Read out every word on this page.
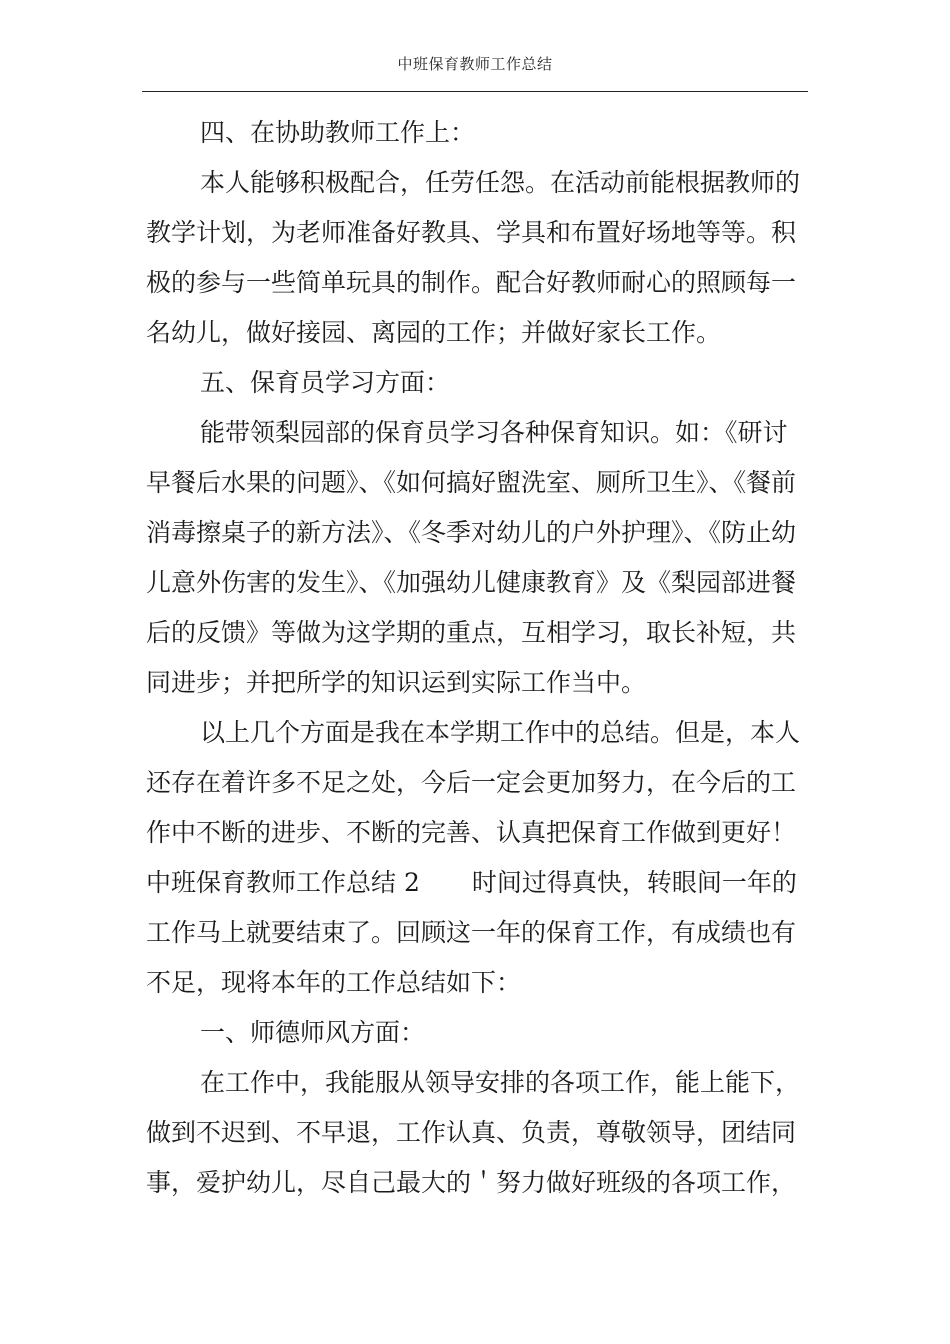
中班保育教师工作总结
四、在协助教师工作上：
本人能够积极配合，任劳任怨。在活动前能根据教师的
教学计划，为老师准备好教具、学具和布置好场地等等。积
极的参与一些简单玩具的制作。配合好教师耐心的照顾每一
名幼儿，做好接园、离园的工作；并做好家长工作。
五、保育员学习方面：
能带领梨园部的保育员学习各种保育知识。如：《研讨
早餐后水果的问题》、《如何搞好盥洗室、厕所卫生》、《餐前
消毒擦桌子的新方法》、《冬季对幼儿的户外护理》、《防止幼
儿意外伤害的发生》、《加强幼儿健康教育》及《梨园部进餐
后的反馈》等做为这学期的重点，互相学习，取长补短，共
同进步；并把所学的知识运到实际工作当中。
以上几个方面是我在本学期工作中的总结。但是，本人
还存在着许多不足之处，今后一定会更加努力，在今后的工
作中不断的进步、不断的完善、认真把保育工作做到更好！
中班保育教师工作总结 2 时间过得真快，转眼间一年的
工作马上就要结束了。回顾这一年的保育工作，有成绩也有
不足，现将本年的工作总结如下：
一、师德师风方面：
在工作中，我能服从领导安排的各项工作，能上能下，
做到不迟到、不早退，工作认真、负责，尊敬领导，团结同
事，爱护幼儿，尽自己最大的＇努力做好班级的各项工作，
